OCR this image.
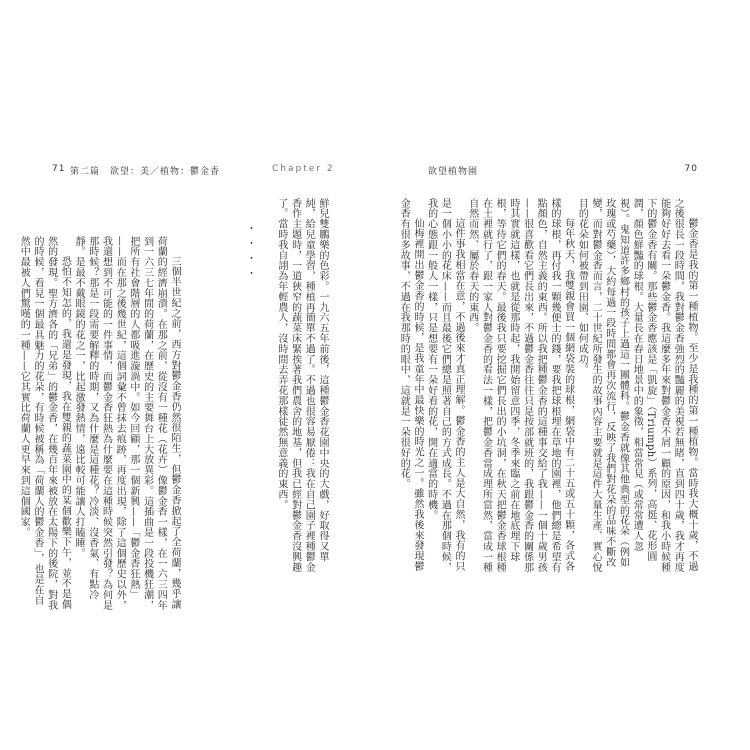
71 第二篇　欲望：美／植物：鬱金香	Chapter 2

鮮兒雙鵬樂的色彩。一九六五年前後，這種鬱金香花園中央的大戲，好取得又單純，給兒童學習，種植再簡單不過了。不過也很容易厭倦：我在自己園子裡種鬱金香作主題時，一道狹窄的蔬菜床緊挨著我們農舍的地基，但我已經對鬱金香沒興趣了。當時我自詡為年輕農人，沒時間去弄花那樣徒然無意義的東西。

．．．．

三個半世紀之前，西方對鬱金香仍然很陌生，但鬱金香掀起了全荷蘭，幾乎讓荷蘭的經濟崩潰。在那之前，從沒有一種花（花卉）像鬱金香一樣，在一六三四年到一六三七年間的荷蘭，在歷史的主要舞台上大放異彩。這插曲是一段投機狂潮，把所有社會階層的人都吸進漩渦中。如今回顧，那一個新興——「鬱金香狂熱」——而在那之後幾世紀，這個詞彙不曾抹去痕跡，再度出現，除了這個歷史以外，我還想到不可能的一件事情，而鬱金香狂熱為什麼要在這種時候突然引發？為何是那時候？那是一段需要解釋的時期，又為什麼是這種花？冷淡、沒香氣、有點冷靜。是最不戴眼鏡的花之一，比起激發熱情，遠比較可能讓人打瞌睡。

恐怕不知怎的，我還是發現，我在雙親的蔬菜園中的某個歡樂下午，並不是偶然的發現。聖方濟各的「兄弟」的鬱金香，在幾百年來被放在太陽下的後院，對我的時候，看見一個最具魅力的花朵，有時候被稱為「荷蘭人的鬱金香」，也是在自然中最被人們驚嘆的一種——它其實比荷蘭人更早來到這個國家。

欲望植物園	70

鬱金香是我的第一種植物。至少是我種的第一種植物。當時我大概十歲，不過之後很長一段時間，我對鬱金香強烈的豔麗的美視若無睹，直到四十歲，我才再度能夠好好去看一朵鬱金香。我這麼多年來對鬱金香不屑一顧的原因，和我小時候種下的鬱金香有關。那些鬱金香應該是「凱旋」（Triumph）系列，高挺、花形圓潤，顏色鮮豔的球根。大量長在春日地景中的象徵，相當常見（或常常遭人忽視）。鬼知道許多鄉村的孩子上過這一團體科。鬱金香就像其他典型的花朵（例如玫瑰或芍藥），大約每過一段時間都會再次流行，反映了我們對花朵的品味不斷改變，而對鬱金香而言，二十世紀所發生的故事內容主要就是這件大量生產、實心悅目的花朵如何被帶到田園、如何成功。

每年秋天，我雙親會買一個網袋裝的球根，網袋中有二十五或五十顆，各式各樣的球根，再付我一顆幾便士的錢，要我把球根埋在草地的園裡，他們總是希望有點顏色，自然主義的東西。所以我把種鬱金香的這種事交給了我——一個十歲男孩——很喜歡看它們長出來，不過鬱金香往往只是按部就班的，我跟鬱金香的關係那時其實就這樣，也就是從那時起，我開始留意四季，冬季來臨之前在地底埋下球根，等待它們的春天。最後我只要挖掘它們長出的小坑洞，在秋天把鬱金香球根種在土裡就行了，跟一家人對鬱金香的看法一樣，把鬱金香當成理所當然，當成一種自然而然、屬於春天的東西。

這件事我相當在意，不過後來才真正理解。鬱金香的主人是大自然，我有的只是一個小小的花床——而且最後它們總是照著自己的方式成長。不過在那個時候，我的心態跟一般人一樣，只是想要有一朵好看的花，開在適當的時機。

仙梅裡開出鬱金香的時候，是我童年中最快樂的時光之一。雖然我後來發現鬱金香有很多故事，不過在我那時的眼中，這就是一朵很好的花。
